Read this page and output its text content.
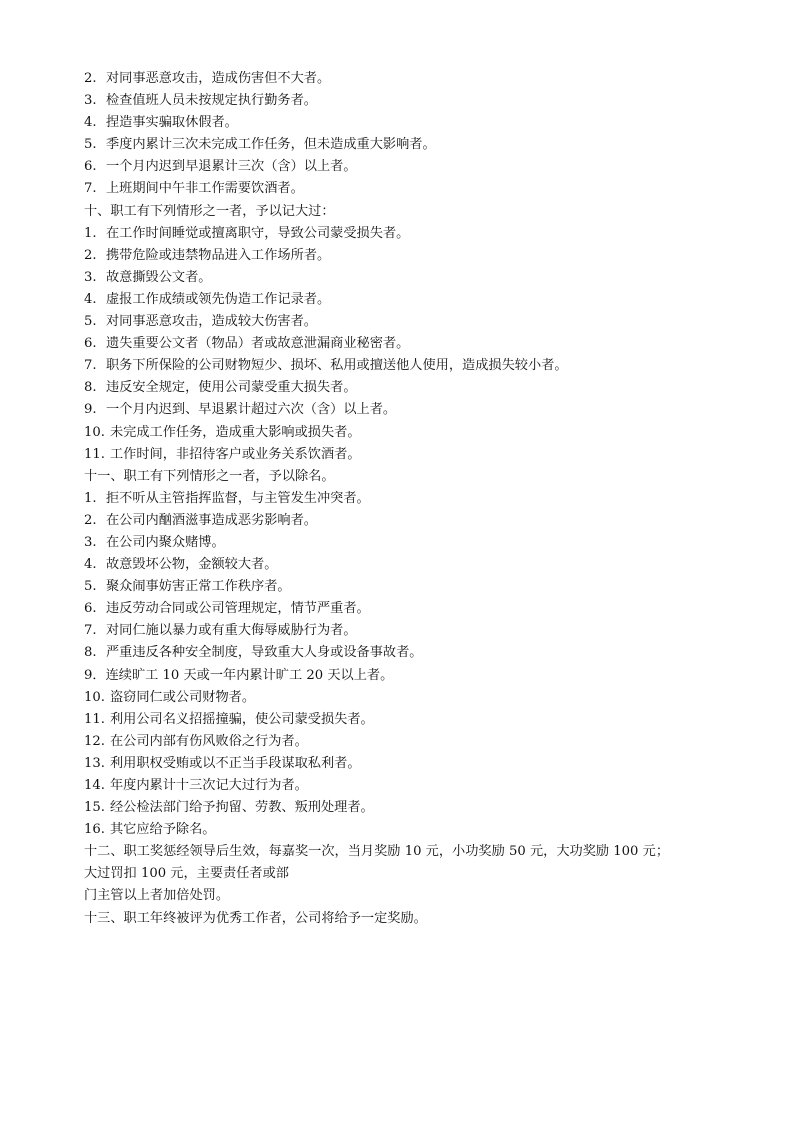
2. 对同事恶意攻击，造成伤害但不大者。
3. 检查值班人员未按规定执行勤务者。
4. 捏造事实骗取休假者。
5. 季度内累计三次未完成工作任务，但未造成重大影响者。
6. 一个月内迟到早退累计三次（含）以上者。
7. 上班期间中午非工作需要饮酒者。
十、职工有下列情形之一者，予以记大过：
1. 在工作时间睡觉或擅离职守，导致公司蒙受损失者。
2. 携带危险或违禁物品进入工作场所者。
3. 故意撕毁公文者。
4. 虚报工作成绩或领先伪造工作记录者。
5. 对同事恶意攻击，造成较大伤害者。
6. 遗失重要公文者（物品）者或故意泄漏商业秘密者。
7. 职务下所保险的公司财物短少、损坏、私用或擅送他人使用，造成损失较小者。
8. 违反安全规定，使用公司蒙受重大损失者。
9. 一个月内迟到、早退累计超过六次（含）以上者。
10. 未完成工作任务，造成重大影响或损失者。
11. 工作时间，非招待客户或业务关系饮酒者。
十一、职工有下列情形之一者，予以除名。
1. 拒不听从主管指挥监督，与主管发生冲突者。
2. 在公司内酗酒滋事造成恶劣影响者。
3. 在公司内聚众赌博。
4. 故意毁坏公物，金额较大者。
5. 聚众闹事妨害正常工作秩序者。
6. 违反劳动合同或公司管理规定，情节严重者。
7. 对同仁施以暴力或有重大侮辱威胁行为者。
8. 严重违反各种安全制度，导致重大人身或设备事故者。
9．连续旷工 10 天或一年内累计旷工 20 天以上者。
10. 盗窃同仁或公司财物者。
11. 利用公司名义招摇撞骗，使公司蒙受损失者。
12. 在公司内部有伤风败俗之行为者。
13. 利用职权受贿或以不正当手段谋取私利者。
14. 年度内累计十三次记大过行为者。
15. 经公检法部门给予拘留、劳教、叛刑处理者。
16. 其它应给予除名。
十二、职工奖惩经领导后生效，每嘉奖一次，当月奖励 10 元，小功奖励 50 元，大功奖励 100 元；
大过罚扣 100 元，主要责任者或部
门主管以上者加倍处罚。
十三、职工年终被评为优秀工作者，公司将给予一定奖励。
